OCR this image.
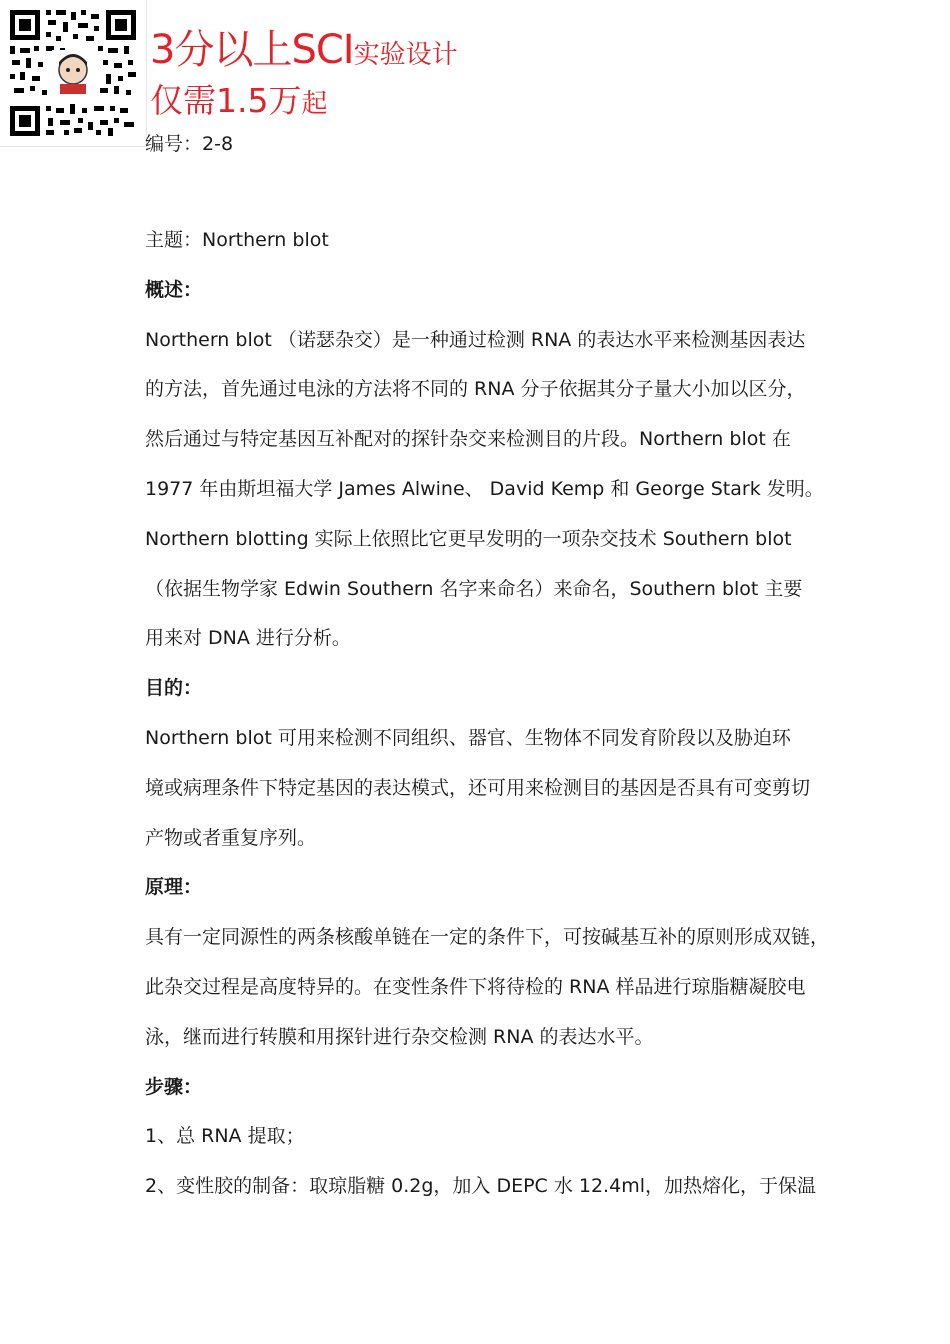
3分以上SCI实验设计
仅需1.5万起
编号：2-8
主题：Northern blot
概述：
Northern blot （诺瑟杂交）是一种通过检测 RNA 的表达水平来检测基因表达
的方法，首先通过电泳的方法将不同的 RNA 分子依据其分子量大小加以区分，
然后通过与特定基因互补配对的探针杂交来检测目的片段。Northern blot 在
1977 年由斯坦福大学 James Alwine、 David Kemp 和 George Stark 发明。
Northern blotting 实际上依照比它更早发明的一项杂交技术 Southern blot
（依据生物学家 Edwin Southern 名字来命名）来命名，Southern blot 主要
用来对 DNA 进行分析。
目的：
Northern blot 可用来检测不同组织、器官、生物体不同发育阶段以及胁迫环
境或病理条件下特定基因的表达模式，还可用来检测目的基因是否具有可变剪切
产物或者重复序列。
原理：
具有一定同源性的两条核酸单链在一定的条件下，可按碱基互补的原则形成双链，
此杂交过程是高度特异的。在变性条件下将待检的 RNA 样品进行琼脂糖凝胶电
泳，继而进行转膜和用探针进行杂交检测 RNA 的表达水平。
步骤：
1、总 RNA 提取；
2、变性胶的制备：取琼脂糖 0.2g，加入 DEPC 水 12.4ml，加热熔化，于保温
